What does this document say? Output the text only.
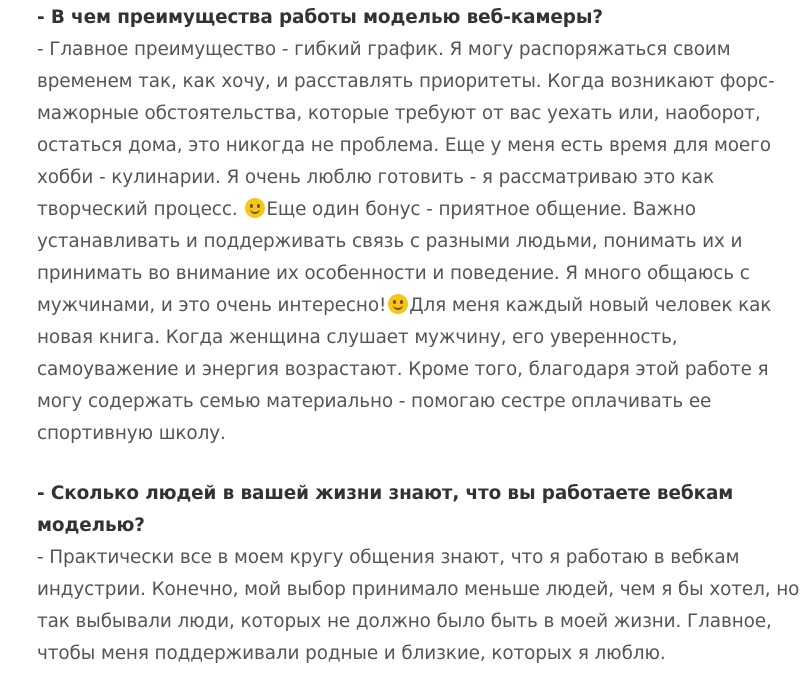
- В чем преимущества работы моделью веб-камеры?

- Главное преимущество - гибкий график. Я могу распоряжаться своим
временем так, как хочу, и расставлять приоритеты. Когда возникают форс-
мажорные обстоятельства, которые требуют от вас уехать или, наоборот,
остаться дома, это никогда не проблема. Еще у меня есть время для моего
хобби - кулинарии. Я очень люблю готовить - я рассматриваю это как
творческий процесс. Еще один бонус - приятное общение. Важно
устанавливать и поддерживать связь с разными людьми, понимать их и
принимать во внимание их особенности и поведение. Я много общаюсь с
мужчинами, и это очень интересно! Для меня каждый новый человек как
новая книга. Когда женщина слушает мужчину, его уверенность,
самоуважение и энергия возрастают. Кроме того, благодаря этой работе я
могу содержать семью материально - помогаю сестре оплачивать ее
спортивную школу.

- Сколько людей в вашей жизни знают, что вы работаете вебкам
моделью?

- Практически все в моем кругу общения знают, что я работаю в вебкам
индустрии. Конечно, мой выбор принимало меньше людей, чем я бы хотел, но
так выбывали люди, которых не должно было быть в моей жизни. Главное,
чтобы меня поддерживали родные и близкие, которых я люблю.
